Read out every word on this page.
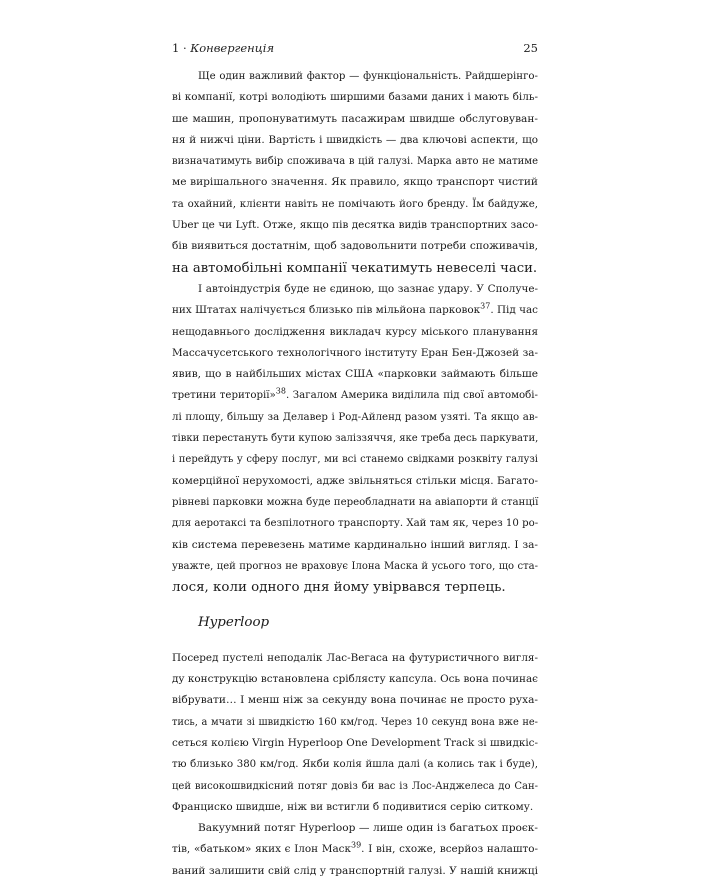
1 · Конвергенція	25
Ще один важливий фактор — функціональність. Райдшерінго-
ві компанії, котрі володіють ширшими базами даних і мають біль-
ше машин, пропонуватимуть пасажирам швидше обслуговуван-
ня й нижчі ціни. Вартість і швидкість — два ключові аспекти, що
визначатимуть вибір споживача в цій галузі. Марка авто не матиме
ме вирішального значення. Як правило, якщо транспорт чистий
та охайний, клієнти навіть не помічають його бренду. Їм байдуже,
Uber це чи Lyft. Отже, якщо пів десятка видів транспортних засо-
бів виявиться достатнім, щоб задовольнити потреби споживачів,
на автомобільні компанії чекатимуть невеселі часи.
І автоіндустрія буде не єдиною, що зазнає удару. У Сполуче-
них Штатах налічується близько пів мільйона парковок$^{37}$. Під час
нещодавнього дослідження викладач курсу міського планування
Массачусетського технологічного інституту Еран Бен-Джозей за-
явив, що в найбільших містах США «парковки займають більше
третини території»$^{38}$. Загалом Америка виділила під свої автомобі-
лі площу, більшу за Делавер і Род-Айленд разом узяті. Та якщо ав-
тівки перестануть бути купою заліззяччя, яке треба десь паркувати,
і перейдуть у сферу послуг, ми всі станемо свідками розквіту галузі
комерційної нерухомості, адже звільняться стільки місця. Багато-
рівневі парковки можна буде переобладнати на авіапорти й станції
для аеротаксі та безпілотного транспорту. Хай там як, через 10 ро-
ків система перевезень матиме кардинально інший вигляд. І за-
уважте, цей прогноз не враховує Ілона Маска й усього того, що ста-
лося, коли одного дня йому увірвався терпець.
Hyperloop
Посеред пустелі неподалік Лас-Вегаса на футуристичного вигля-
ду конструкцію встановлена сріблясту капсула. Ось вона починає
вібрувати… І менш ніж за секунду вона починає не просто руха-
тись, а мчати зі швидкістю 160 км/год. Через 10 секунд вона вже не-
сеться колією Virgin Hyperloop One Development Track зі швидкіс-
тю близько 380 км/год. Якби колія йшла далі (а колись так і буде),
цей високошвидкісний потяг довіз би вас із Лос-Анджелеса до Сан-
Франциско швидше, ніж ви встигли б подивитися серію ситкому.
Вакуумний потяг Hyperloop — лише один із багатьох проєк-
тів, «батьком» яких є Ілон Маск$^{39}$. І він, схоже, всерйоз налашто-
ваний залишити свій слід у транспортній галузі. У нашій книжці
